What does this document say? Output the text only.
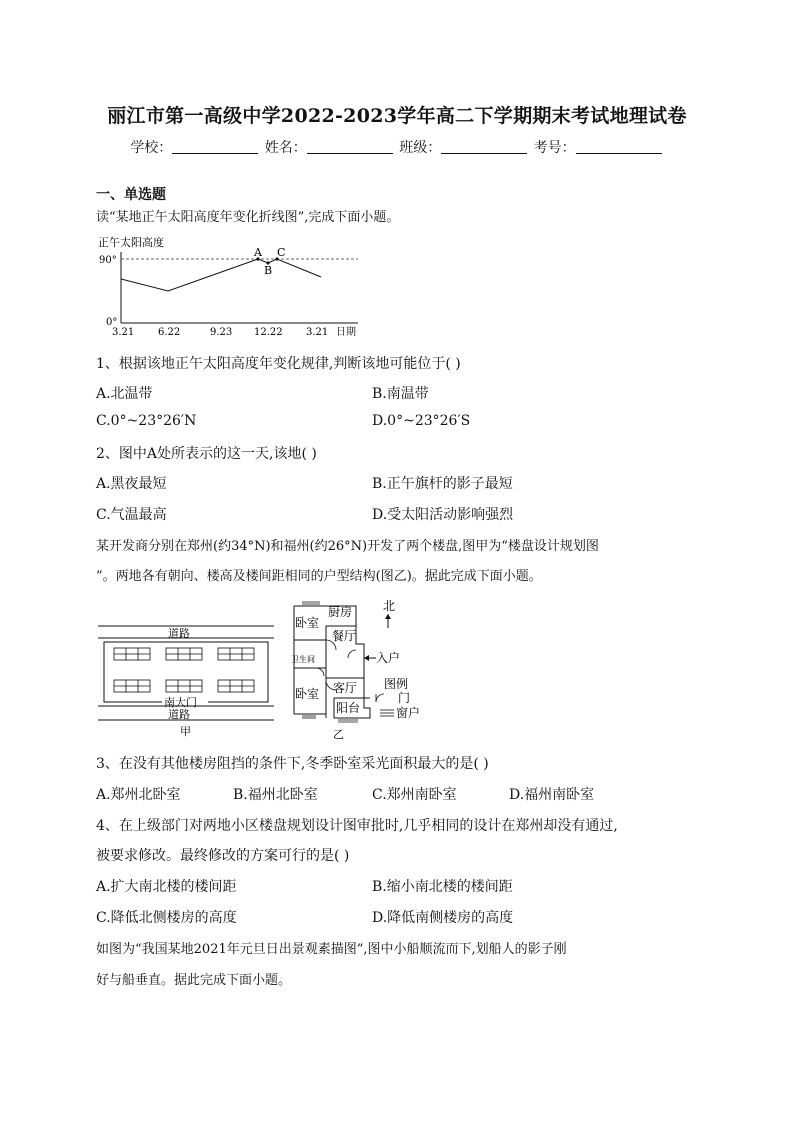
丽江市第一高级中学2022-2023学年高二下学期期末考试地理试卷
学校：	姓名：	班级：	考号：
一、单选题
读“某地正午太阳高度年变化折线图”,完成下面小题。
正午太阳高度
90°
0°
A
B
C
3.21 6.22	9.23 12.22 3.21 日期
1、根据该地正午太阳高度年变化规律,判断该地可能位于( )
A.北温带	B.南温带
C.0°~23°26′N	D.0°~23°26′S
2、图中A处所表示的这一天,该地( )
A.黑夜最短	B.正午旗杆的影子最短
C.气温最高	D.受太阳活动影响强烈
某开发商分别在郑州(约34°N)和福州(约26°N)开发了两个楼盘,图甲为“楼盘设计规划图
”。两地各有朝向、楼高及楼间距相同的户型结构(图乙)。据此完成下面小题。
道路
南大门
道路
甲
卧室
厨房
餐厅
卫生间
卧室 客厅
阳台
入户
北
图例
门
窗户
乙
3、在没有其他楼房阻挡的条件下,冬季卧室采光面积最大的是( )
A.郑州北卧室	B.福州北卧室	C.郑州南卧室	D.福州南卧室
4、在上级部门对两地小区楼盘规划设计图审批时,几乎相同的设计在郑州却没有通过,
被要求修改。最终修改的方案可行的是( )
A.扩大南北楼的楼间距	B.缩小南北楼的楼间距
C.降低北侧楼房的高度	D.降低南侧楼房的高度
如图为“我国某地2021年元旦日出景观素描图”,图中小船顺流而下,划船人的影子刚
好与船垂直。据此完成下面小题。
